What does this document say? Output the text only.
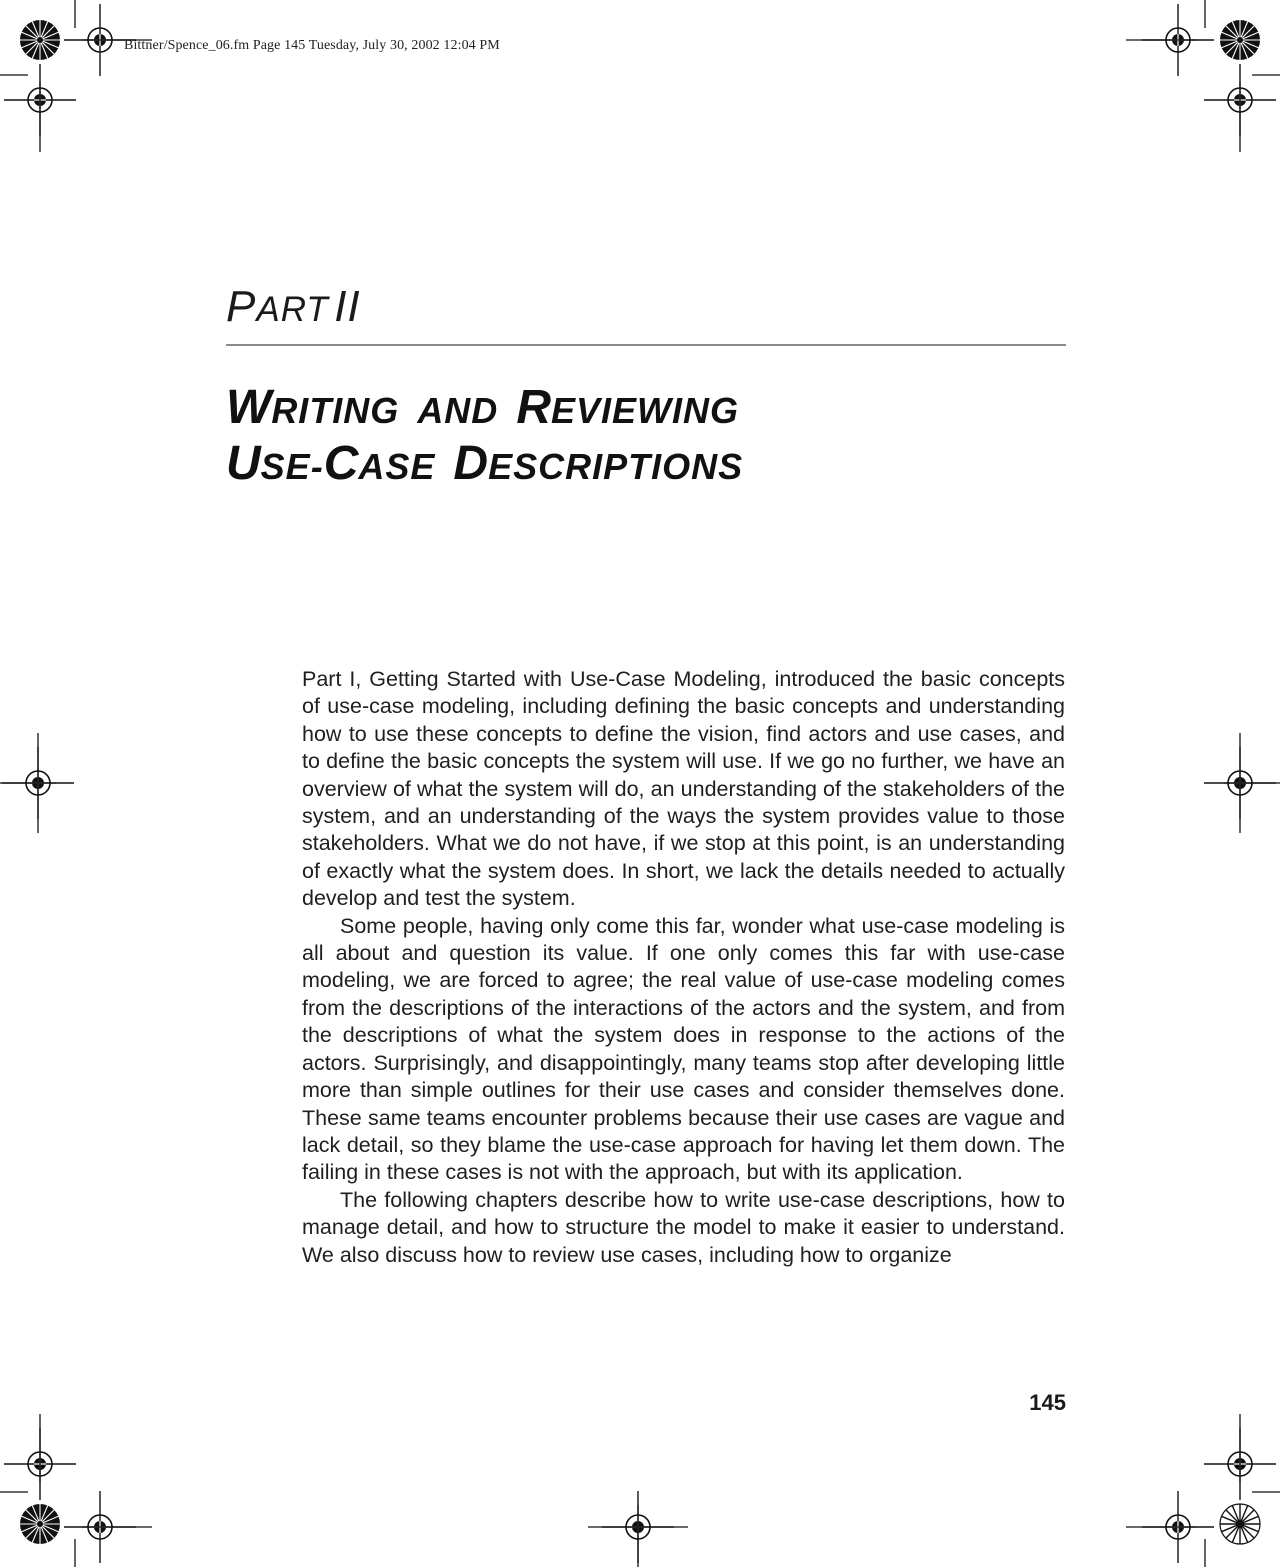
Bittner/Spence_06.fm Page 145 Tuesday, July 30, 2002 12:04 PM
PART II
WRITING AND REVIEWING
USE-CASE DESCRIPTIONS

Part I, Getting Started with Use-Case Modeling, introduced the basic concepts of use-case modeling, including defining the basic concepts and understanding how to use these concepts to define the vision, find actors and use cases, and to define the basic concepts the system will use. If we go no further, we have an overview of what the system will do, an understanding of the stakeholders of the system, and an understanding of the ways the system provides value to those stakeholders. What we do not have, if we stop at this point, is an understanding of exactly what the system does. In short, we lack the details needed to actually develop and test the system.

Some people, having only come this far, wonder what use-case modeling is all about and question its value. If one only comes this far with use-case modeling, we are forced to agree; the real value of use-case modeling comes from the descriptions of the interactions of the actors and the system, and from the descriptions of what the system does in response to the actions of the actors. Surprisingly, and disappointingly, many teams stop after developing little more than simple outlines for their use cases and consider themselves done. These same teams encounter problems because their use cases are vague and lack detail, so they blame the use-case approach for having let them down. The failing in these cases is not with the approach, but with its application.

The following chapters describe how to write use-case descriptions, how to manage detail, and how to structure the model to make it easier to understand. We also discuss how to review use cases, including how to organize

145
